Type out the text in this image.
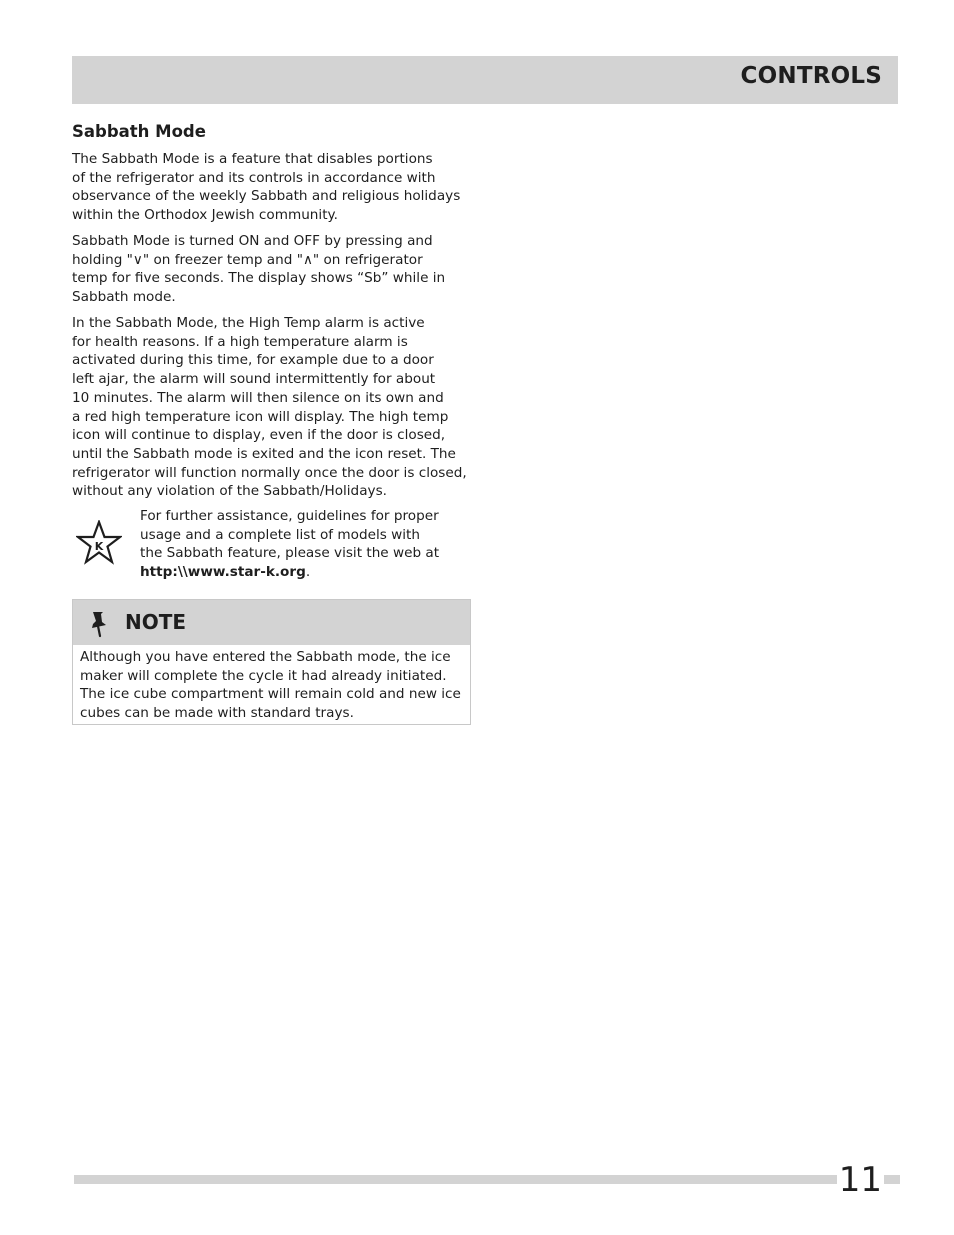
CONTROLS
Sabbath Mode

The Sabbath Mode is a feature that disables portions
of the refrigerator and its controls in accordance with
observance of the weekly Sabbath and religious holidays
within the Orthodox Jewish community.

Sabbath Mode is turned ON and OFF by pressing and
holding "∨" on freezer temp and "∧" on refrigerator
temp for five seconds. The display shows “Sb” while in
Sabbath mode.

In the Sabbath Mode, the High Temp alarm is active
for health reasons. If a high temperature alarm is
activated during this time, for example due to a door
left ajar, the alarm will sound intermittently for about
10 minutes. The alarm will then silence on its own and
a red high temperature icon will display. The high temp
icon will continue to display, even if the door is closed,
until the Sabbath mode is exited and the icon reset. The
refrigerator will function normally once the door is closed,
without any violation of the Sabbath/Holidays.

K
For further assistance, guidelines for proper
usage and a complete list of models with
the Sabbath feature, please visit the web at
http:\\www.star-k.org.
NOTE
Although you have entered the Sabbath mode, the ice
maker will complete the cycle it had already initiated.
The ice cube compartment will remain cold and new ice
cubes can be made with standard trays.
11
